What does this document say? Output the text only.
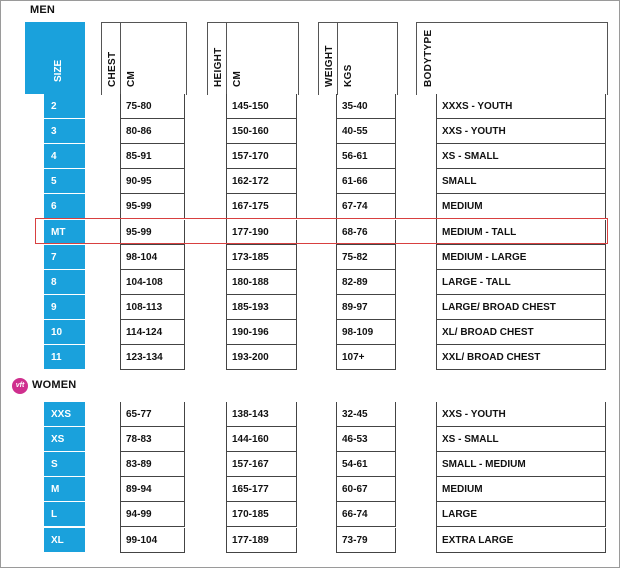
MEN
SIZE	CHEST CM	HEIGHT CM	WEIGHT KGS	BODYTYPE
2	75-80	145-150	35-40	XXXS - YOUTH
3	80-86	150-160	40-55	XXS - YOUTH
4	85-91	157-170	56-61	XS - SMALL
5	90-95	162-172	61-66	SMALL
6	95-99	167-175	67-74	MEDIUM
MT	95-99	177-190	68-76	MEDIUM - TALL
7	98-104	173-185	75-82	MEDIUM - LARGE
8	104-108	180-188	82-89	LARGE - TALL
9	108-113	185-193	89-97	LARGE/ BROAD CHEST
10	114-124	190-196	98-109	XL/ BROAD CHEST
11	123-134	193-200	107+	XXL/ BROAD CHEST
vft WOMEN
XXS	65-77	138-143	32-45	XXS - YOUTH
XS	78-83	144-160	46-53	XS - SMALL
S	83-89	157-167	54-61	SMALL - MEDIUM
M	89-94	165-177	60-67	MEDIUM
L	94-99	170-185	66-74	LARGE
XL	99-104	177-189	73-79	EXTRA LARGE
